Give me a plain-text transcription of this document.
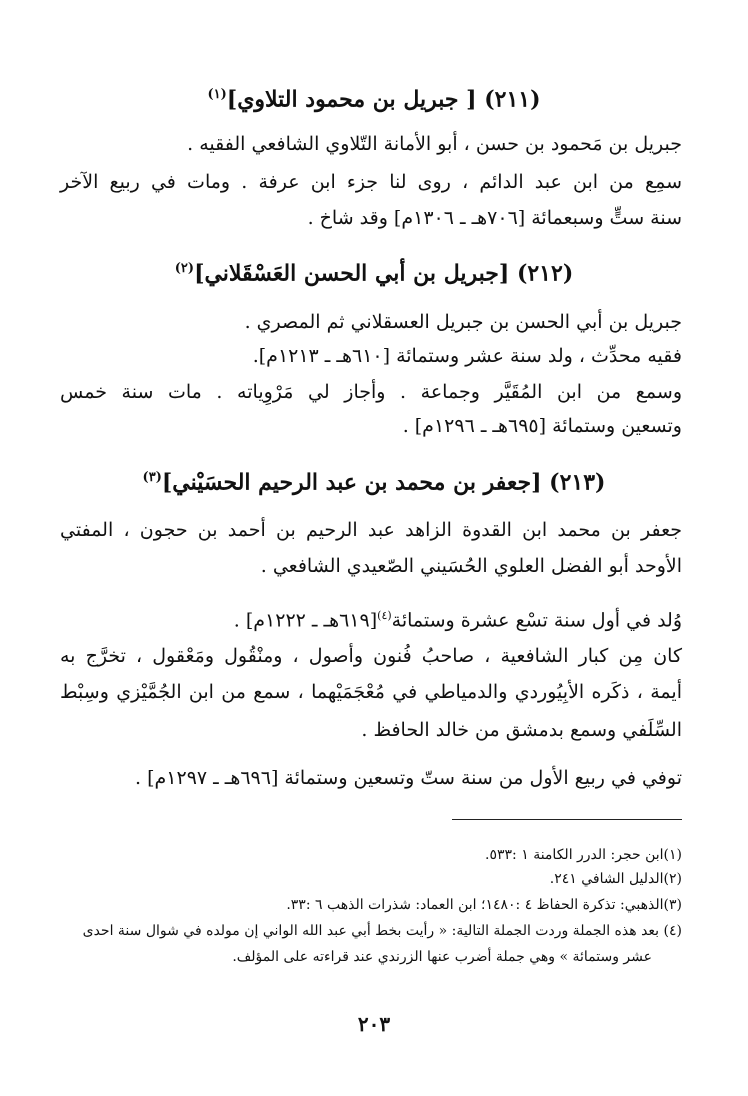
(٢١١) [ جبريل بن محمود التلاوي]$^{(١)}$
جبريل بن مَحمود بن حسن ، أبو الأمانة التّلاوي الشافعي الفقيه .
سمِع من ابن عبد الدائم ، روى لنا جزء ابن عرفة . ومات في ربيع الآخر
سنة ستٍّ وسبعمائة [٧٠٦هـ ـ ١٣٠٦م] وقد شاخ .
(٢١٢) [جبريل بن أبي الحسن العَسْقَلاني]$^{(٢)}$
جبريل بن أبي الحسن بن جبريل العسقلاني ثم المصري .
فقيه محدِّث ، ولد سنة عشر وستمائة [٦١٠هـ ـ ١٢١٣م].
وسمع من ابن المُقَيَّر وجماعة . وأجاز لي مَرْوِياته . مات سنة خمس
وتسعين وستمائة [٦٩٥هـ ـ ١٢٩٦م] .
(٢١٣) [جعفر بن محمد بن عبد الرحيم الحسَيْني]$^{(٣)}$
جعفر بن محمد ابن القدوة الزاهد عبد الرحيم بن أحمد بن حجون ، المفتي
الأوحد أبو الفضل العلوي الحُسَيني الصّعيدي الشافعي .
وُلد في أول سنة تسْع عشرة وستمائة$^{(٤)}$[٦١٩هـ ـ ١٢٢٢م] .
كان مِن كبار الشافعية ، صاحبُ فُنون وأصول ، ومنْقُول ومَعْقول ، تخرَّج به
أيمة ، ذكَره الأبِيُوردي والدمياطي في مُعْجَمَيْهما ، سمع من ابن الجُمَّيْزي وسِبْط
السِّلَفي وسمع بدمشق من خالد الحافظ .
توفي في ربيع الأول من سنة ستّ وتسعين وستمائة [٦٩٦هـ ـ ١٢٩٧م] .
(١)ابن حجر: الدرر الكامنة ١ :٥٣٣.
(٢)الدليل الشافي ٢٤١.
(٣)الذهبي: تذكرة الحفاظ ٤ :١٤٨٠؛ ابن العماد: شذرات الذهب ٦ :٣٣.
(٤) بعد هذه الجملة وردت الجملة التالية: « رأيت بخط أبي عبد الله الواني إن مولده في شوال سنة احدى
عشر وستمائة » وهي جملة أضرب عنها الزرندي عند قراءته على المؤلف.
٢٠٣
